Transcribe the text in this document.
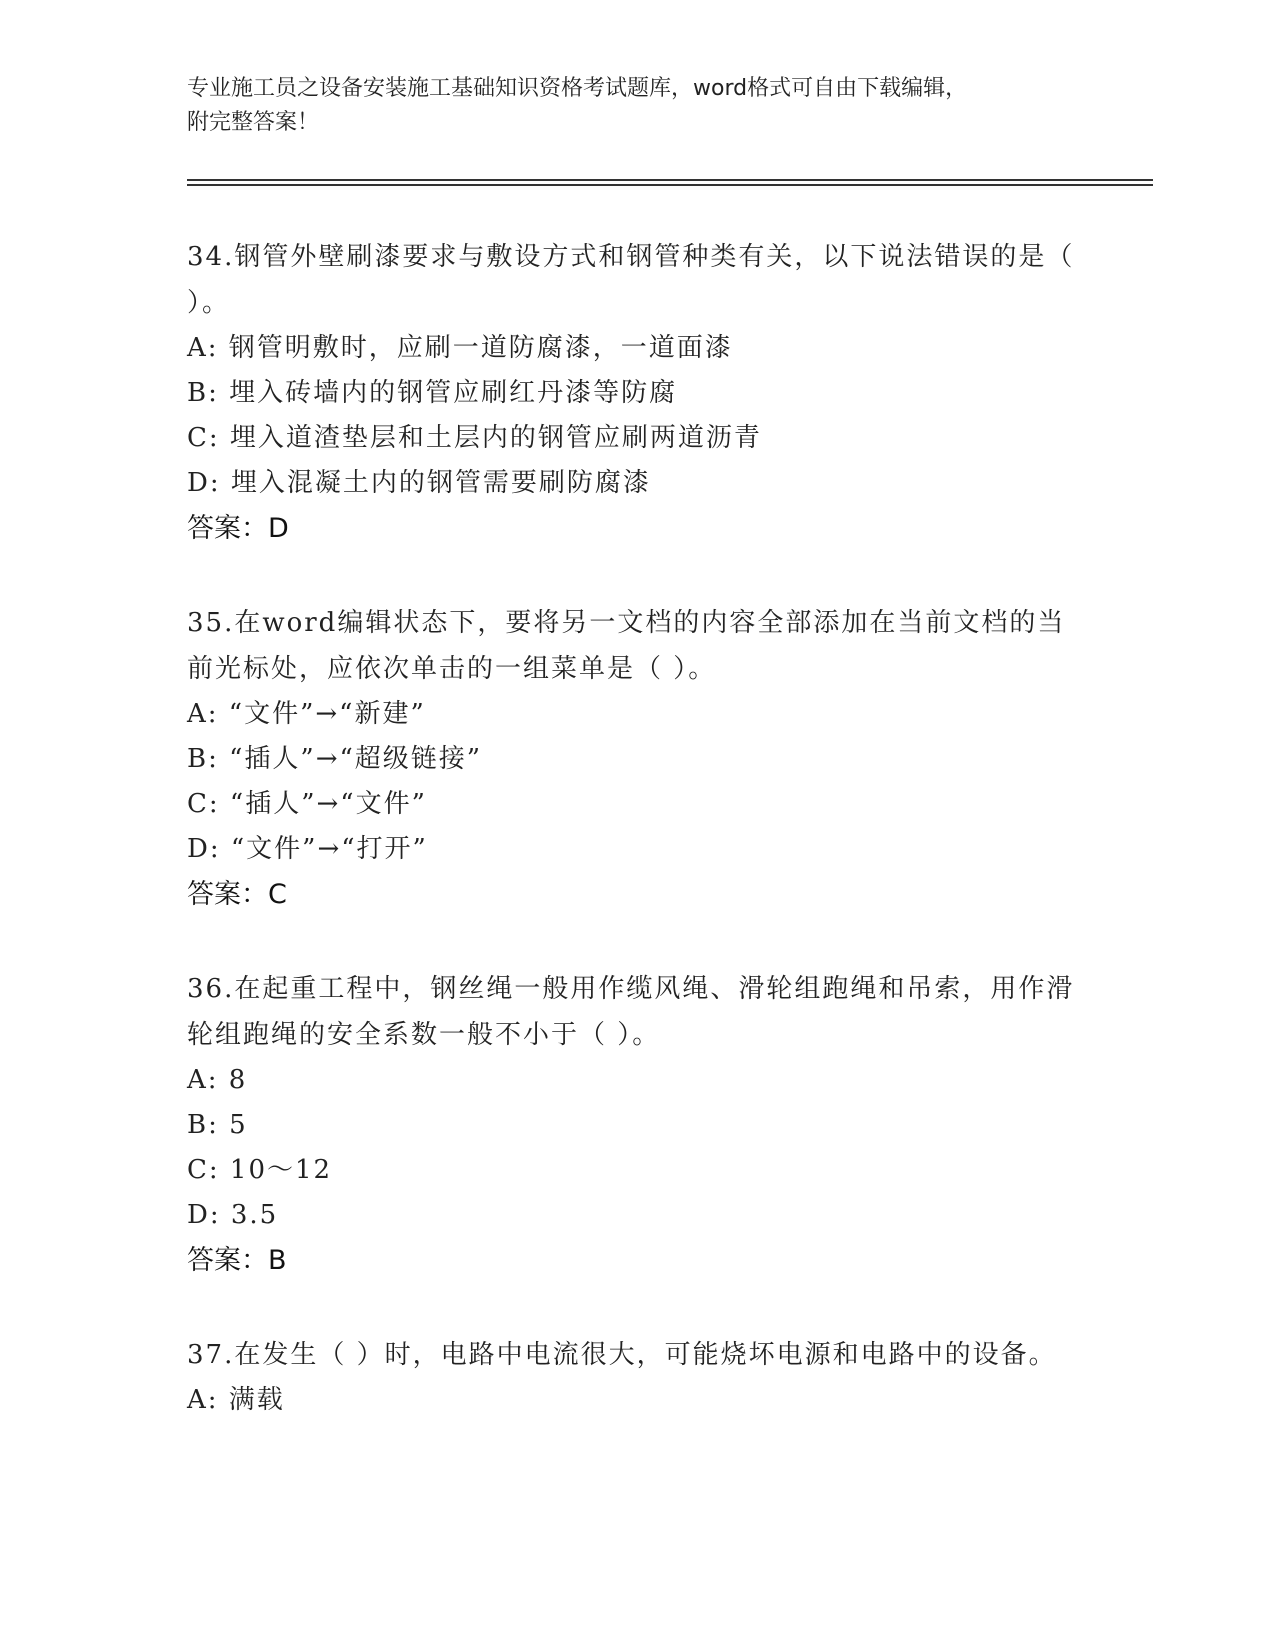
专业施工员之设备安装施工基础知识资格考试题库，word格式可自由下载编辑，
附完整答案！
34.钢管外壁刷漆要求与敷设方式和钢管种类有关，以下说法错误的是（ ）。
A: 钢管明敷时，应刷一道防腐漆，一道面漆
B: 埋入砖墙内的钢管应刷红丹漆等防腐
C: 埋入道渣垫层和土层内的钢管应刷两道沥青
D: 埋入混凝土内的钢管需要刷防腐漆
答案：D
35.在word编辑状态下，要将另一文档的内容全部添加在当前文档的当前光标处，应依次单击的一组菜单是（ ）。
A: “文件”→“新建”
B: “插人”→“超级链接”
C: “插人”→“文件”
D: “文件”→“打开”
答案：C
36.在起重工程中，钢丝绳一般用作缆风绳、滑轮组跑绳和吊索，用作滑轮组跑绳的安全系数一般不小于（ ）。
A: 8
B: 5
C: 10～12
D: 3.5
答案：B
37.在发生（ ）时，电路中电流很大，可能烧坏电源和电路中的设备。
A: 满载
